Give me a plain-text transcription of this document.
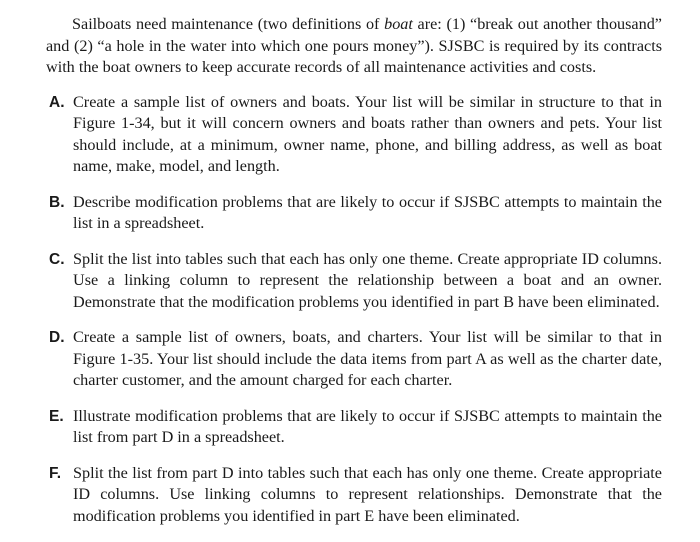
Sailboats need maintenance (two definitions of boat are: (1) “break out another thousand” and (2) “a hole in the water into which one pours money”). SJSBC is required by its contracts with the boat owners to keep accurate records of all maintenance activities and costs.

A. Create a sample list of owners and boats. Your list will be similar in structure to that in Figure 1-34, but it will concern owners and boats rather than owners and pets. Your list should include, at a minimum, owner name, phone, and billing address, as well as boat name, make, model, and length.
B. Describe modification problems that are likely to occur if SJSBC attempts to maintain the list in a spreadsheet.
C. Split the list into tables such that each has only one theme. Create appropriate ID columns. Use a linking column to represent the relationship between a boat and an owner. Demonstrate that the modification problems you identified in part B have been eliminated.
D. Create a sample list of owners, boats, and charters. Your list will be similar to that in Figure 1-35. Your list should include the data items from part A as well as the charter date, charter customer, and the amount charged for each charter.
E. Illustrate modification problems that are likely to occur if SJSBC attempts to maintain the list from part D in a spreadsheet.
F. Split the list from part D into tables such that each has only one theme. Create appropriate ID columns. Use linking columns to represent relationships. Demonstrate that the modification problems you identified in part E have been eliminated.
